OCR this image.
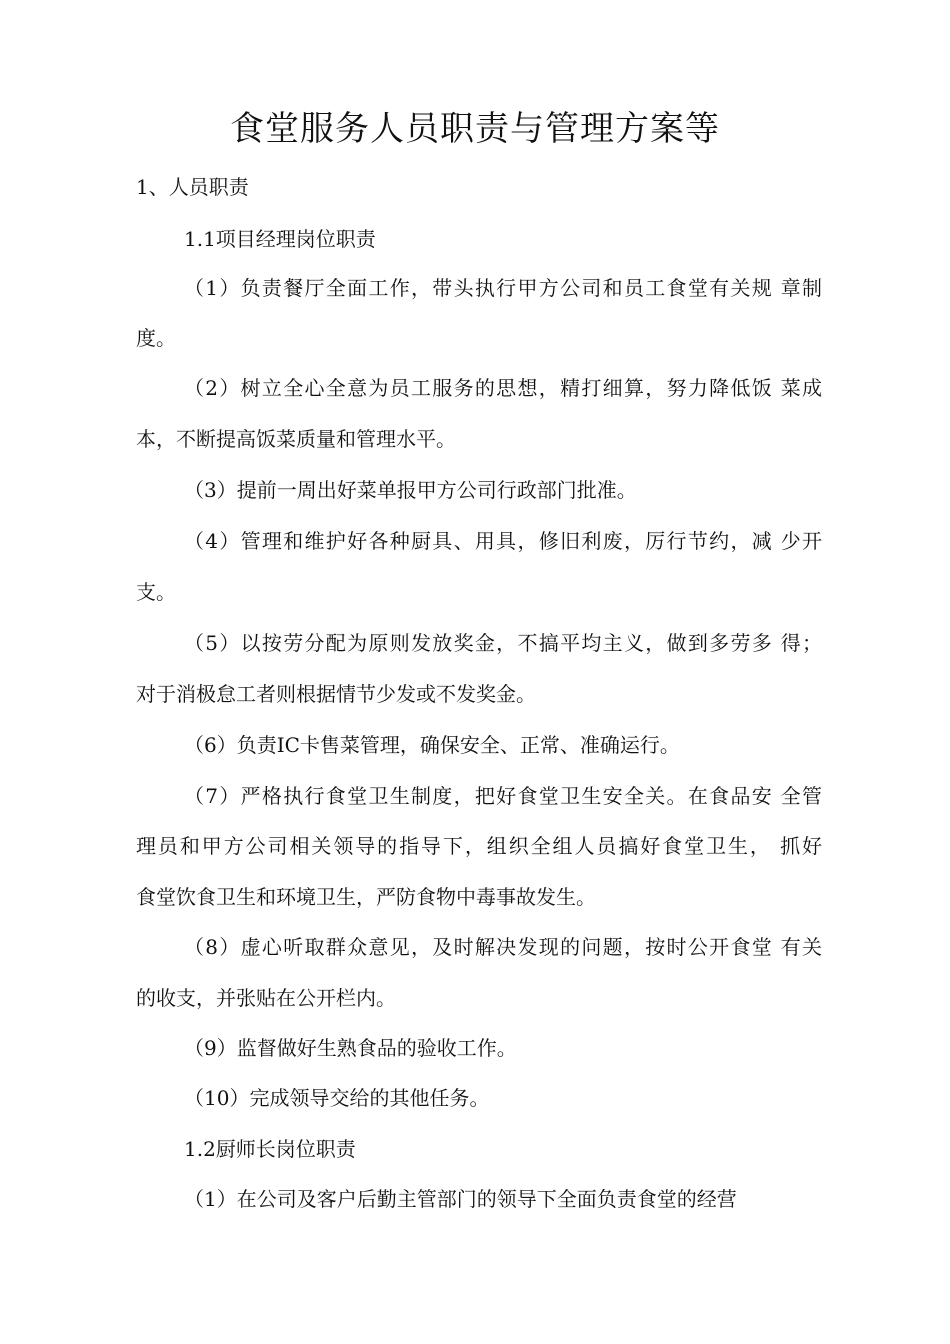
食堂服务人员职责与管理方案等
1、人员职责
1.1项目经理岗位职责
（1）负责餐厅全面工作，带头执行甲方公司和员工食堂有关规 章制
度。
（2）树立全心全意为员工服务的思想，精打细算，努力降低饭 菜成
本，不断提高饭菜质量和管理水平。
（3）提前一周出好菜单报甲方公司行政部门批准。
（4）管理和维护好各种厨具、用具，修旧利废，厉行节约，减 少开
支。
（5）以按劳分配为原则发放奖金，不搞平均主义，做到多劳多 得；
对于消极怠工者则根据情节少发或不发奖金。
（6）负责IC卡售菜管理，确保安全、正常、准确运行。
（7）严格执行食堂卫生制度，把好食堂卫生安全关。在食品安 全管
理员和甲方公司相关领导的指导下，组织全组人员搞好食堂卫生， 抓好
食堂饮食卫生和环境卫生，严防食物中毒事故发生。
（8）虚心听取群众意见，及时解决发现的问题，按时公开食堂 有关
的收支，并张贴在公开栏内。
（9）监督做好生熟食品的验收工作。
（10）完成领导交给的其他任务。
1.2厨师长岗位职责
（1）在公司及客户后勤主管部门的领导下全面负责食堂的经营
